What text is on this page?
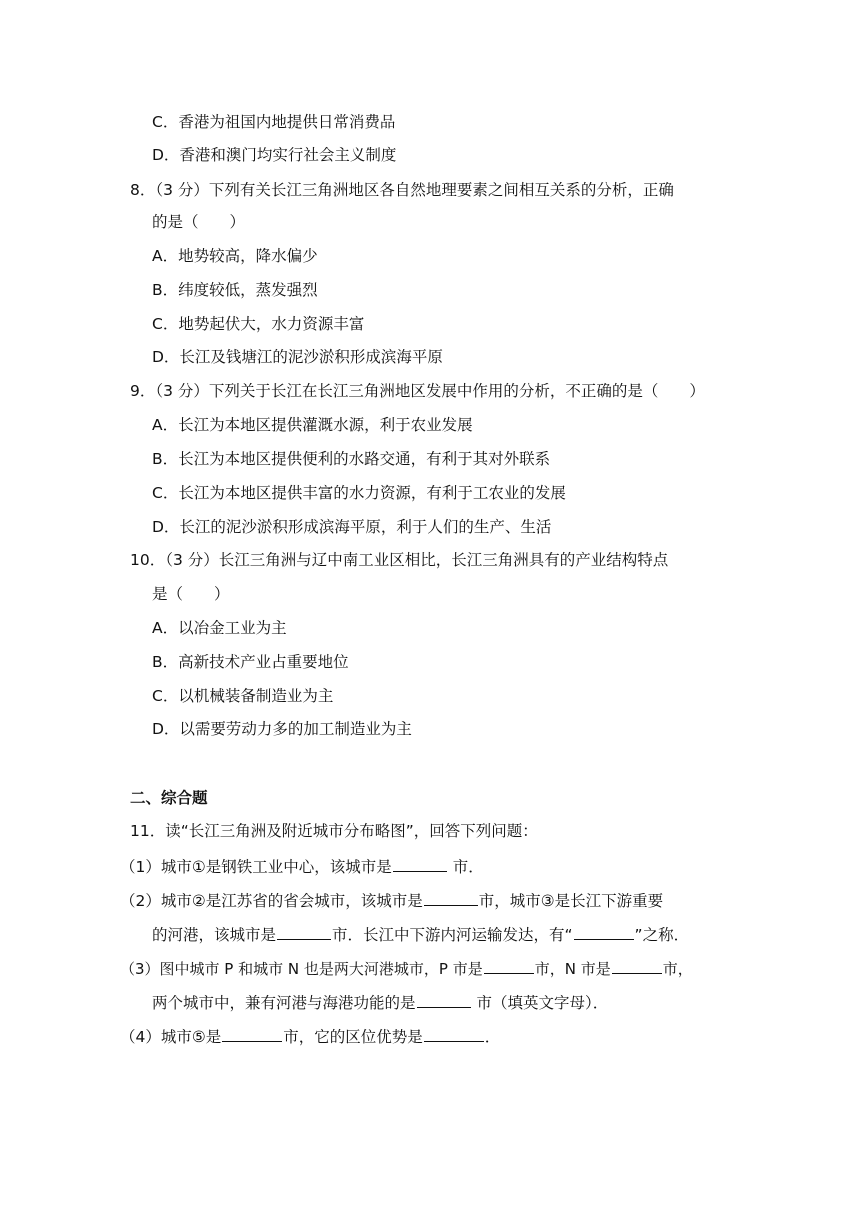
C．香港为祖国内地提供日常消费品
D．香港和澳门均实行社会主义制度
8．（3 分）下列有关长江三角洲地区各自然地理要素之间相互关系的分析，正确
的是（　　）
A．地势较高，降水偏少
B．纬度较低，蒸发强烈
C．地势起伏大，水力资源丰富
D．长江及钱塘江的泥沙淤积形成滨海平原
9．（3 分）下列关于长江在长江三角洲地区发展中作用的分析，不正确的是（　　）
A．长江为本地区提供灌溉水源，利于农业发展
B．长江为本地区提供便利的水路交通，有利于其对外联系
C．长江为本地区提供丰富的水力资源，有利于工农业的发展
D．长江的泥沙淤积形成滨海平原，利于人们的生产、生活
10．（3 分）长江三角洲与辽中南工业区相比，长江三角洲具有的产业结构特点
是（　　）
A．以冶金工业为主
B．高新技术产业占重要地位
C．以机械装备制造业为主
D．以需要劳动力多的加工制造业为主
二、综合题
11．读“长江三角洲及附近城市分布略图”，回答下列问题：
（1）城市①是钢铁工业中心，该城市是	市．
（2）城市②是江苏省的省会城市，该城市是	市，城市③是长江下游重要
的河港，该城市是	市．长江中下游内河运输发达，有“	”之称．
（3）图中城市 P 和城市 N 也是两大河港城市，P 市是	市，N 市是	市，
两个城市中，兼有河港与海港功能的是	市（填英文字母）．
（4）城市⑤是	市，它的区位优势是	．
